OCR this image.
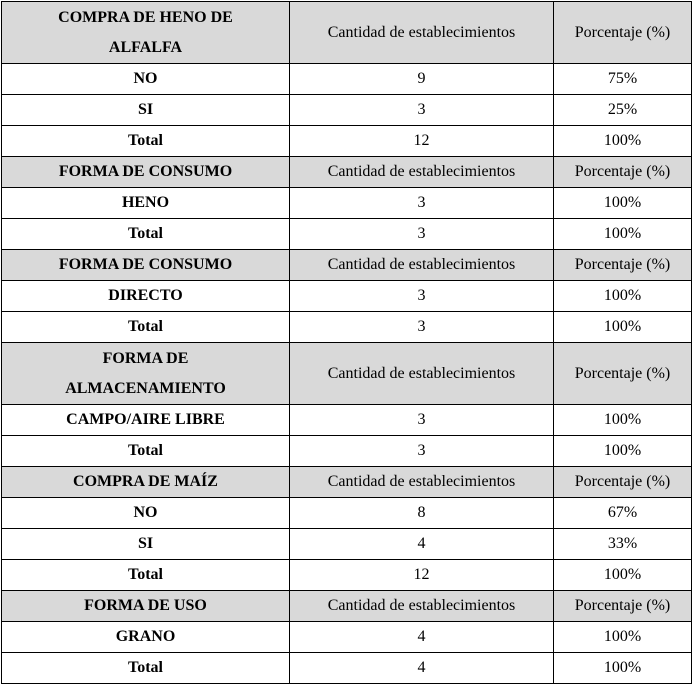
COMPRA DE HENO DE
ALFALFA	Cantidad de establecimientos	Porcentaje (%)
NO	9	75%
SI	3	25%
Total	12	100%

FORMA DE CONSUMO	Cantidad de establecimientos	Porcentaje (%)
HENO	3	100%
Total	3	100%

FORMA DE CONSUMO	Cantidad de establecimientos	Porcentaje (%)
DIRECTO	3	100%
Total	3	100%

FORMA DE
ALMACENAMIENTO	Cantidad de establecimientos	Porcentaje (%)
CAMPO/AIRE LIBRE	3	100%
Total	3	100%

COMPRA DE MAÍZ	Cantidad de establecimientos	Porcentaje (%)
NO	8	67%
SI	4	33%
Total	12	100%

FORMA DE USO	Cantidad de establecimientos	Porcentaje (%)
GRANO	4	100%
Total	4	100%
